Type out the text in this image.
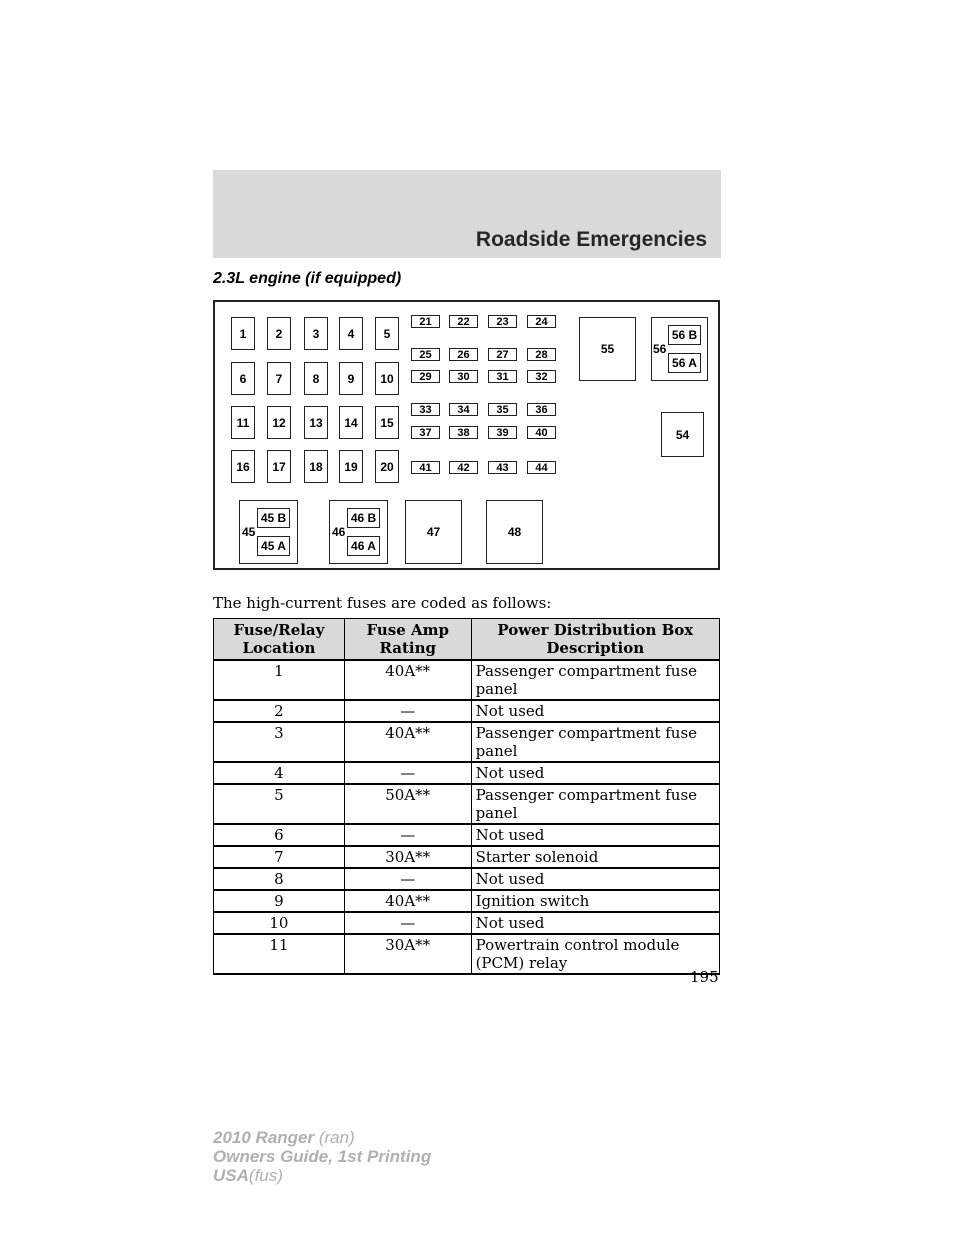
Roadside Emergencies
2.3L engine (if equipped)
45
45 B
45 A
46
46 B
46 A
47	48
54
55	56
56 B
56 A
1	2	3	4	5
6	7	8	9	10
11	12	13	14	15
16	17	18	19	20
21	22	23	24
25	26	27	28
29	30	31	32
33	34	35	36
37	38	39	40
41	42	43	44
The high-current fuses are coded as follows:
Fuse/Relay Location	Fuse Amp Rating	Power Distribution Box Description
1	40A**	Passenger compartment fuse panel
2	—	Not used
3	40A**	Passenger compartment fuse panel
4	—	Not used
5	50A**	Passenger compartment fuse panel
6	—	Not used
7	30A**	Starter solenoid
8	—	Not used
9	40A**	Ignition switch
10	—	Not used
11	30A**	Powertrain control module (PCM) relay
195
2010 Ranger (ran)
Owners Guide, 1st Printing
USA(fus)
